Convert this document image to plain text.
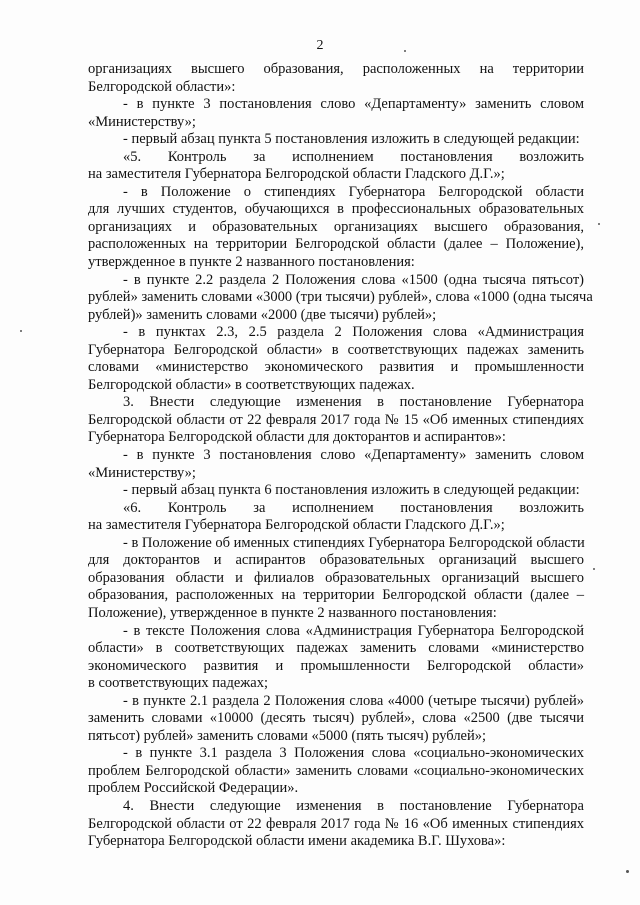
2
организациях высшего образования, расположенных на территории
Белгородской области»:
- в пункте 3 постановления слово «Департаменту» заменить словом
«Министерству»;
- первый абзац пункта 5 постановления изложить в следующей редакции:
«5. Контроль за исполнением постановления возложить
на заместителя Губернатора Белгородской области Гладского Д.Г.»;
- в Положение о стипендиях Губернатора Белгородской области
для лучших студентов, обучающихся в профессиональных образовательных
организациях и образовательных организациях высшего образования,
расположенных на территории Белгородской области (далее – Положение),
утвержденное в пункте 2 названного постановления:
- в пункте 2.2 раздела 2 Положения слова «1500 (одна тысяча пятьсот)
рублей» заменить словами «3000 (три тысячи) рублей», слова «1000 (одна тысяча
рублей)» заменить словами «2000 (две тысячи) рублей»;
- в пунктах 2.3, 2.5 раздела 2 Положения слова «Администрация
Губернатора Белгородской области» в соответствующих падежах заменить
словами «министерство экономического развития и промышленности
Белгородской области» в соответствующих падежах.
3. Внести следующие изменения в постановление Губернатора
Белгородской области от 22 февраля 2017 года № 15 «Об именных стипендиях
Губернатора Белгородской области для докторантов и аспирантов»:
- в пункте 3 постановления слово «Департаменту» заменить словом
«Министерству»;
- первый абзац пункта 6 постановления изложить в следующей редакции:
«6. Контроль за исполнением постановления возложить
на заместителя Губернатора Белгородской области Гладского Д.Г.»;
- в Положение об именных стипендиях Губернатора Белгородской области
для докторантов и аспирантов образовательных организаций высшего
образования области и филиалов образовательных организаций высшего
образования, расположенных на территории Белгородской области (далее –
Положение), утвержденное в пункте 2 названного постановления:
- в тексте Положения слова «Администрация Губернатора Белгородской
области» в соответствующих падежах заменить словами «министерство
экономического развития и промышленности Белгородской области»
в соответствующих падежах;
- в пункте 2.1 раздела 2 Положения слова «4000 (четыре тысячи) рублей»
заменить словами «10000 (десять тысяч) рублей», слова «2500 (две тысячи
пятьсот) рублей» заменить словами «5000 (пять тысяч) рублей»;
- в пункте 3.1 раздела 3 Положения слова «социально-экономических
проблем Белгородской области» заменить словами «социально-экономических
проблем Российской Федерации».
4. Внести следующие изменения в постановление Губернатора
Белгородской области от 22 февраля 2017 года № 16 «Об именных стипендиях
Губернатора Белгородской области имени академика В.Г. Шухова»:
